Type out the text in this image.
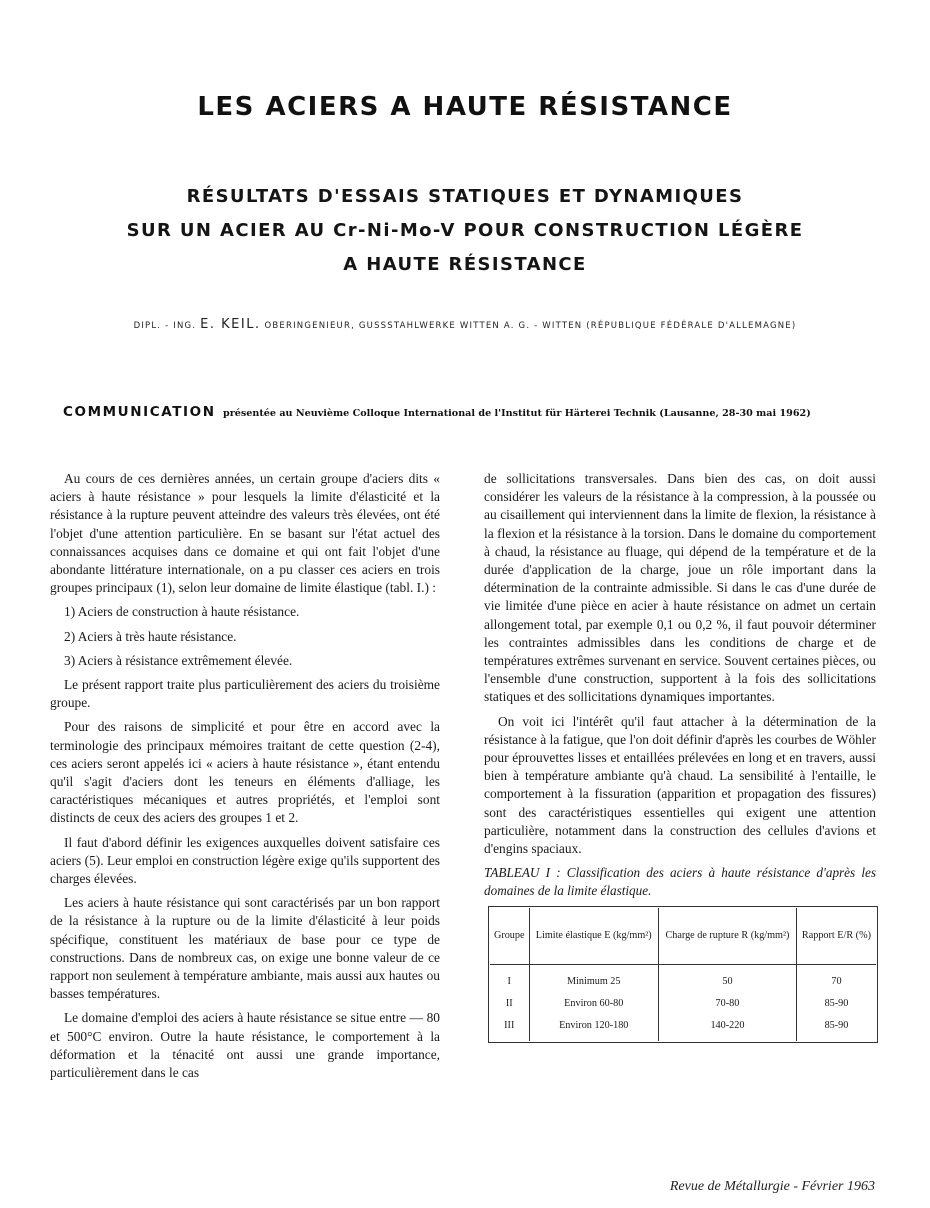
LES ACIERS A HAUTE RÉSISTANCE
RÉSULTATS D'ESSAIS STATIQUES ET DYNAMIQUES
SUR UN ACIER AU Cr-Ni-Mo-V POUR CONSTRUCTION LÉGÈRE
A HAUTE RÉSISTANCE
DIPL. - ING. E. KEIL. OBERINGENIEUR, GUSSSTAHLWERKE WITTEN A. G. - WITTEN (RÉPUBLIQUE FÉDÉRALE D'ALLEMAGNE)
COMMUNICATION présentée au Neuvième Colloque International de l'Institut für Härterei Technik (Lausanne, 28-30 mai 1962)

Au cours de ces dernières années, un certain groupe d'aciers dits « aciers à haute résistance » pour lesquels la limite d'élasticité et la résistance à la rupture peuvent atteindre des valeurs très élevées, ont été l'objet d'une attention particulière. En se basant sur l'état actuel des connaissances acquises dans ce domaine et qui ont fait l'objet d'une abondante littérature internationale, on a pu classer ces aciers en trois groupes principaux (1), selon leur domaine de limite élastique (tabl. I.) :

1) Aciers de construction à haute résistance.
2) Aciers à très haute résistance.
3) Aciers à résistance extrêmement élevée.

Le présent rapport traite plus particulièrement des aciers du troisième groupe.

Pour des raisons de simplicité et pour être en accord avec la terminologie des principaux mémoires traitant de cette question (2-4), ces aciers seront appelés ici « aciers à haute résistance », étant entendu qu'il s'agit d'aciers dont les teneurs en éléments d'alliage, les caractéristiques mécaniques et autres propriétés, et l'emploi sont distincts de ceux des aciers des groupes 1 et 2.

Il faut d'abord définir les exigences auxquelles doivent satisfaire ces aciers (5). Leur emploi en construction légère exige qu'ils supportent des charges élevées.

Les aciers à haute résistance qui sont caractérisés par un bon rapport de la résistance à la rupture ou de la limite d'élasticité à leur poids spécifique, constituent les matériaux de base pour ce type de constructions. Dans de nombreux cas, on exige une bonne valeur de ce rapport non seulement à température ambiante, mais aussi aux hautes ou basses températures.

Le domaine d'emploi des aciers à haute résistance se situe entre — 80 et 500°C environ. Outre la haute résistance, le comportement à la déformation et la ténacité ont aussi une grande importance, particulièrement dans le cas

de sollicitations transversales. Dans bien des cas, on doit aussi considérer les valeurs de la résistance à la compression, à la poussée ou au cisaillement qui interviennent dans la limite de flexion, la résistance à la flexion et la résistance à la torsion. Dans le domaine du comportement à chaud, la résistance au fluage, qui dépend de la température et de la durée d'application de la charge, joue un rôle important dans la détermination de la contrainte admissible. Si dans le cas d'une durée de vie limitée d'une pièce en acier à haute résistance on admet un certain allongement total, par exemple 0,1 ou 0,2 %, il faut pouvoir déterminer les contraintes admissibles dans les conditions de charge et de températures extrêmes survenant en service. Souvent certaines pièces, ou l'ensemble d'une construction, supportent à la fois des sollicitations statiques et des sollicitations dynamiques importantes.

On voit ici l'intérêt qu'il faut attacher à la détermination de la résistance à la fatigue, que l'on doit définir d'après les courbes de Wöhler pour éprouvettes lisses et entaillées prélevées en long et en travers, aussi bien à température ambiante qu'à chaud. La sensibilité à l'entaille, le comportement à la fissuration (apparition et propagation des fissures) sont des caractéristiques essentielles qui exigent une attention particulière, notamment dans la construction des cellules d'avions et d'engins spaciaux.

TABLEAU I : Classification des aciers à haute résistance d'après les domaines de la limite élastique.

Groupe	Limite élastique E (kg/mm²)	Charge de rupture R (kg/mm²)	Rapport E/R (%)
I	Minimum 25	50	70
II	Environ 60-80	70-80	85-90
III	Environ 120-180	140-220	85-90
Revue de Métallurgie - Février 1963
